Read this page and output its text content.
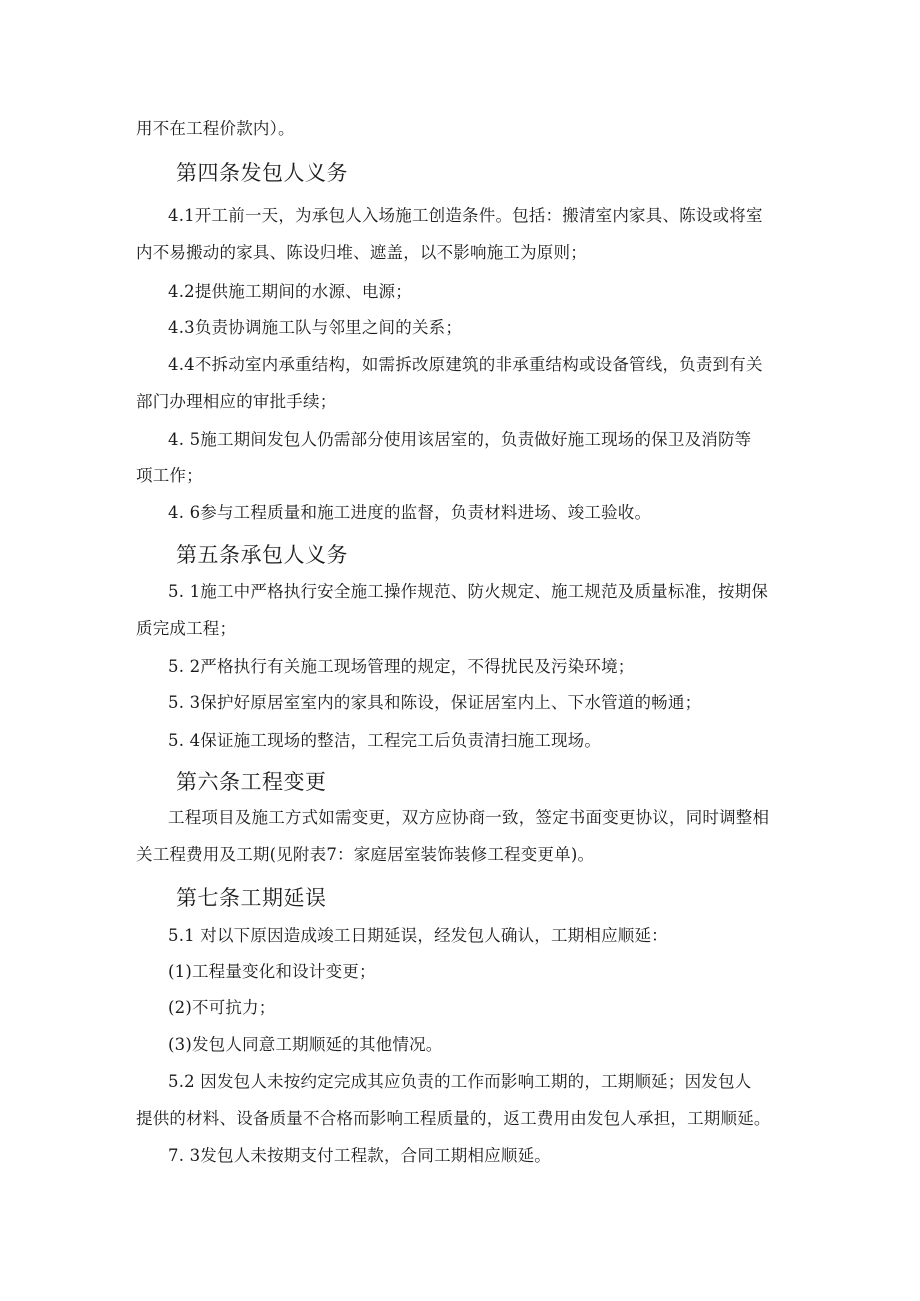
用不在工程价款内）。
第四条发包人义务
4.1开工前一天，为承包人入场施工创造条件。包括：搬清室内家具、陈设或将室
内不易搬动的家具、陈设归堆、遮盖，以不影响施工为原则；
4.2提供施工期间的水源、电源；
4.3负责协调施工队与邻里之间的关系；
4.4不拆动室内承重结构，如需拆改原建筑的非承重结构或设备管线，负责到有关
部门办理相应的审批手续；
4. 5施工期间发包人仍需部分使用该居室的，负责做好施工现场的保卫及消防等
项工作；
4. 6参与工程质量和施工进度的监督，负责材料进场、竣工验收。
第五条承包人义务
5. 1施工中严格执行安全施工操作规范、防火规定、施工规范及质量标准，按期保
质完成工程；
5. 2严格执行有关施工现场管理的规定，不得扰民及污染环境；
5. 3保护好原居室室内的家具和陈设，保证居室内上、下水管道的畅通；
5. 4保证施工现场的整洁，工程完工后负责清扫施工现场。
第六条工程变更
工程项目及施工方式如需变更，双方应协商一致，签定书面变更协议，同时调整相
关工程费用及工期(见附表7：家庭居室装饰装修工程变更单)。
第七条工期延误
5.1 对以下原因造成竣工日期延误，经发包人确认，工期相应顺延：
(1)工程量变化和设计变更；
(2)不可抗力；
(3)发包人同意工期顺延的其他情况。
5.2 因发包人未按约定完成其应负责的工作而影响工期的，工期顺延；因发包人
提供的材料、设备质量不合格而影响工程质量的，返工费用由发包人承担，工期顺延。
7. 3发包人未按期支付工程款，合同工期相应顺延。
